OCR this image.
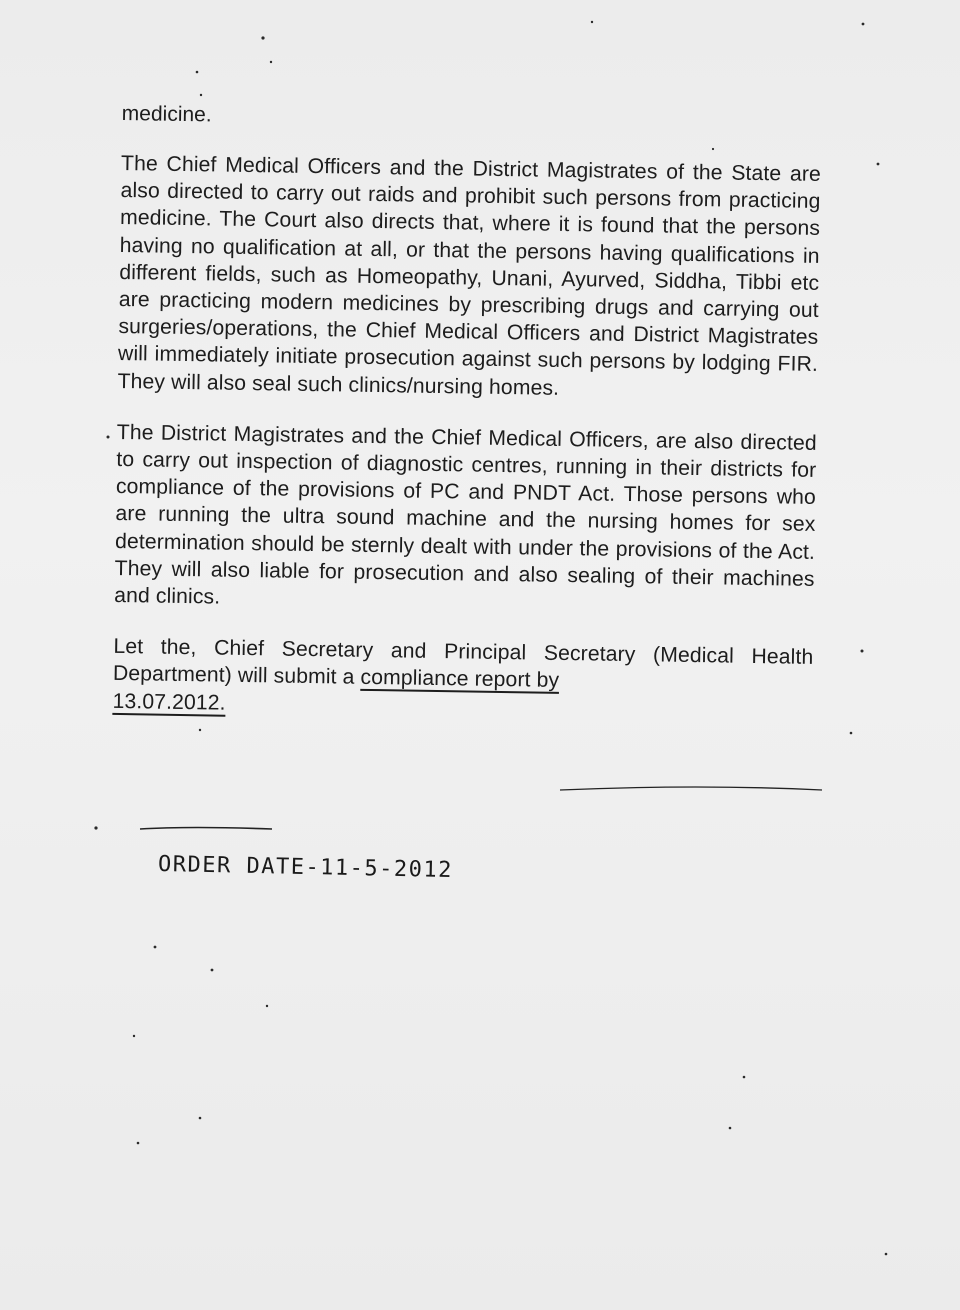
medicine.

The Chief Medical Officers and the District Magistrates of the State are also directed to carry out raids and prohibit such persons from practicing medicine. The Court also directs that, where it is found that the persons having no qualification at all, or that the persons having qualifications in different fields, such as Homeopathy, Unani, Ayurved, Siddha, Tibbi etc are practicing modern medicines by prescribing drugs and carrying out surgeries/operations, the Chief Medical Officers and District Magistrates will immediately initiate prosecution against such persons by lodging FIR. They will also seal such clinics/nursing homes.

The District Magistrates and the Chief Medical Officers, are also directed to carry out inspection of diagnostic centres, running in their districts for compliance of the provisions of PC and PNDT Act. Those persons who are running the ultra sound machine and the nursing homes for sex determination should be sternly dealt with under the provisions of the Act. They will also liable for prosecution and also sealing of their machines and clinics.

Let the, Chief Secretary and Principal Secretary (Medical Health Department) will submit a compliance report by
13.07.2012.

ORDER DATE-11-5-2012
